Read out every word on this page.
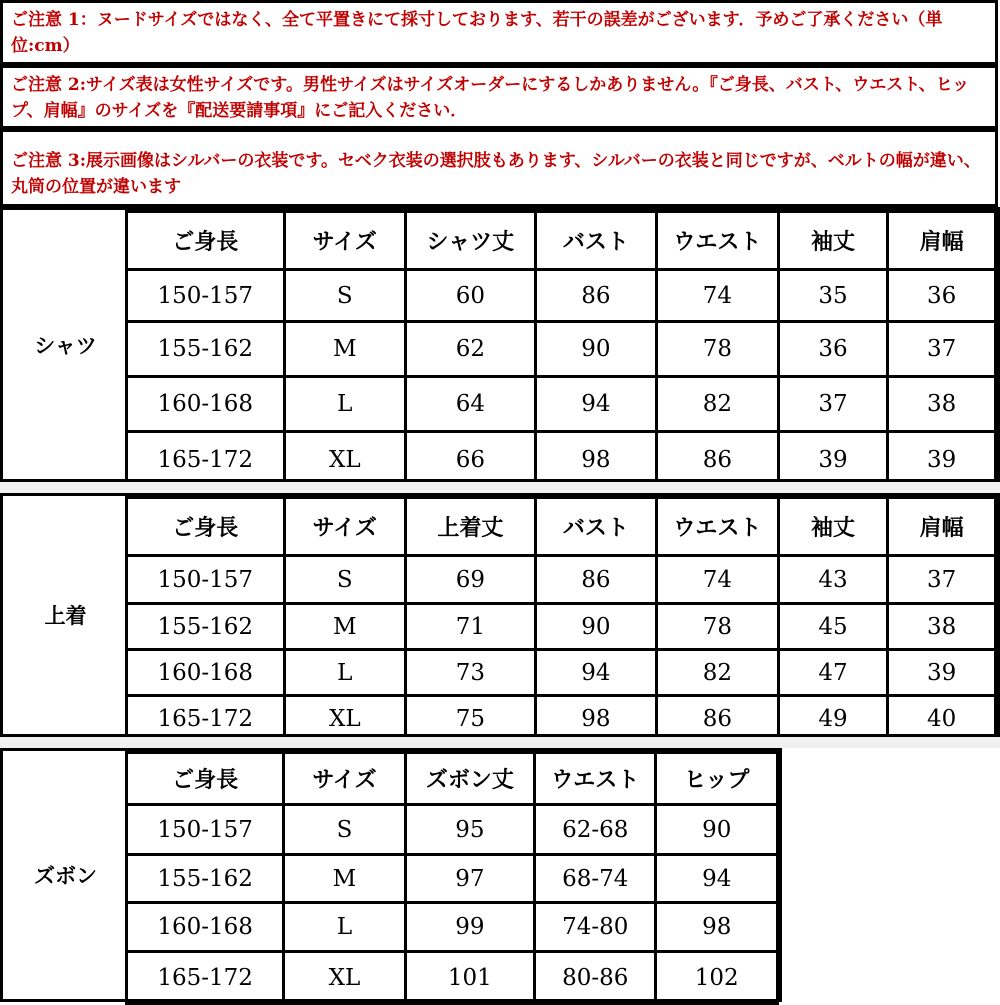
ご注意 1：ヌードサイズではなく、全て平置きにて採寸しております、若干の誤差がございます．予めご了承ください（単位:cm）
ご注意 2:サイズ表は女性サイズです。男性サイズはサイズオーダーにするしかありません。『ご身長、バスト、ウエスト、ヒップ、肩幅』のサイズを『配送要請事項』にご記入ください．
ご注意 3:展示画像はシルバーの衣装です。セベク衣装の選択肢もあります、シルバーの衣装と同じですが、ベルトの幅が違い、丸筒の位置が違います
シャツ
ご身長	サイズ	シャツ丈	バスト	ウエスト	袖丈	肩幅
150-157	S	60	86	74	35	36
155-162	M	62	90	78	36	37
160-168	L	64	94	82	37	38
165-172	XL	66	98	86	39	39
上着
ご身長	サイズ	上着丈	バスト	ウエスト	袖丈	肩幅
150-157	S	69	86	74	43	37
155-162	M	71	90	78	45	38
160-168	L	73	94	82	47	39
165-172	XL	75	98	86	49	40
ズボン
ご身長	サイズ	ズボン丈	ウエスト	ヒップ
150-157	S	95	62-68	90
155-162	M	97	68-74	94
160-168	L	99	74-80	98
165-172	XL	101	80-86	102
